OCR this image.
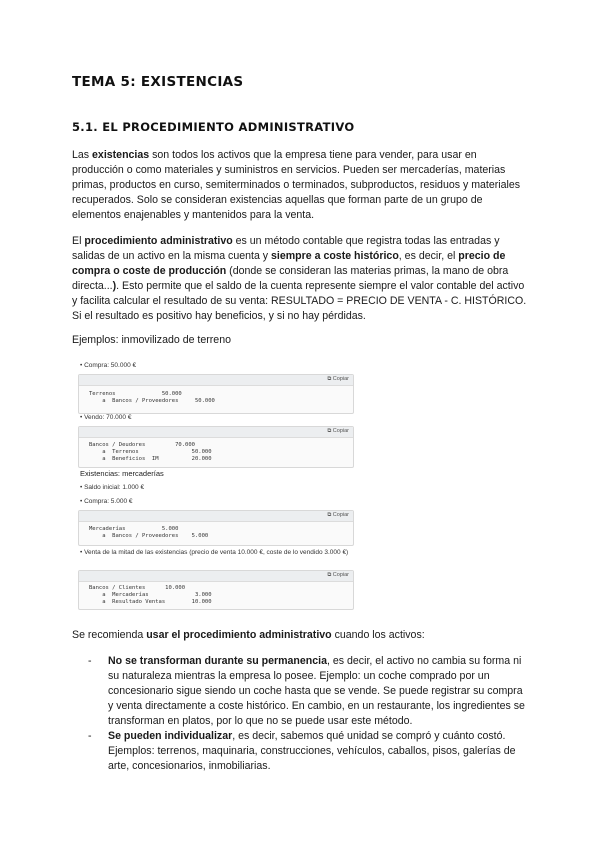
TEMA 5: EXISTENCIAS
5.1. EL PROCEDIMIENTO ADMINISTRATIVO

Las existencias son todos los activos que la empresa tiene para vender, para usar en producción o como materiales y suministros en servicios. Pueden ser mercaderías, materias primas, productos en curso, semiterminados o terminados, subproductos, residuos y materiales recuperados. Solo se consideran existencias aquellas que forman parte de un grupo de elementos enajenables y mantenidos para la venta.

El procedimiento administrativo es un método contable que registra todas las entradas y salidas de un activo en la misma cuenta y siempre a coste histórico, es decir, el precio de compra o coste de producción (donde se consideran las materias primas, la mano de obra directa...). Esto permite que el saldo de la cuenta represente siempre el valor contable del activo y facilita calcular el resultado de su venta: RESULTADO = PRECIO DE VENTA - C. HISTÓRICO. Si el resultado es positivo hay beneficios, y si no hay pérdidas.

Ejemplos: inmovilizado de terreno
• Compra: 50.000 €
⧉ Copiar
Terrenos              50.000
a  Bancos / Proveedores     50.000
• Vendo: 70.000 €
⧉ Copiar
Bancos / Deudores         70.000
a  Terrenos                50.000
a  Beneficios  IM          20.000
Existencias: mercaderías
• Saldo inicial: 1.000 €
• Compra: 5.000 €
⧉ Copiar
Mercaderías           5.000
a  Bancos / Proveedores    5.000
• Venta de la mitad de las existencias (precio de venta 10.000 €, coste de lo vendido 3.000 €)
⧉ Copiar
Bancos / Clientes      10.000
a  Mercaderías              3.000
a  Resultado Ventas        10.000

Se recomienda usar el procedimiento administrativo cuando los activos:

- No se transforman durante su permanencia, es decir, el activo no cambia su forma ni su naturaleza mientras la empresa lo posee. Ejemplo: un coche comprado por un concesionario sigue siendo un coche hasta que se vende. Se puede registrar su compra y venta directamente a coste histórico. En cambio, en un restaurante, los ingredientes se transforman en platos, por lo que no se puede usar este método.
- Se pueden individualizar, es decir, sabemos qué unidad se compró y cuánto costó. Ejemplos: terrenos, maquinaria, construcciones, vehículos, caballos, pisos, galerías de arte, concesionarios, inmobiliarias.
